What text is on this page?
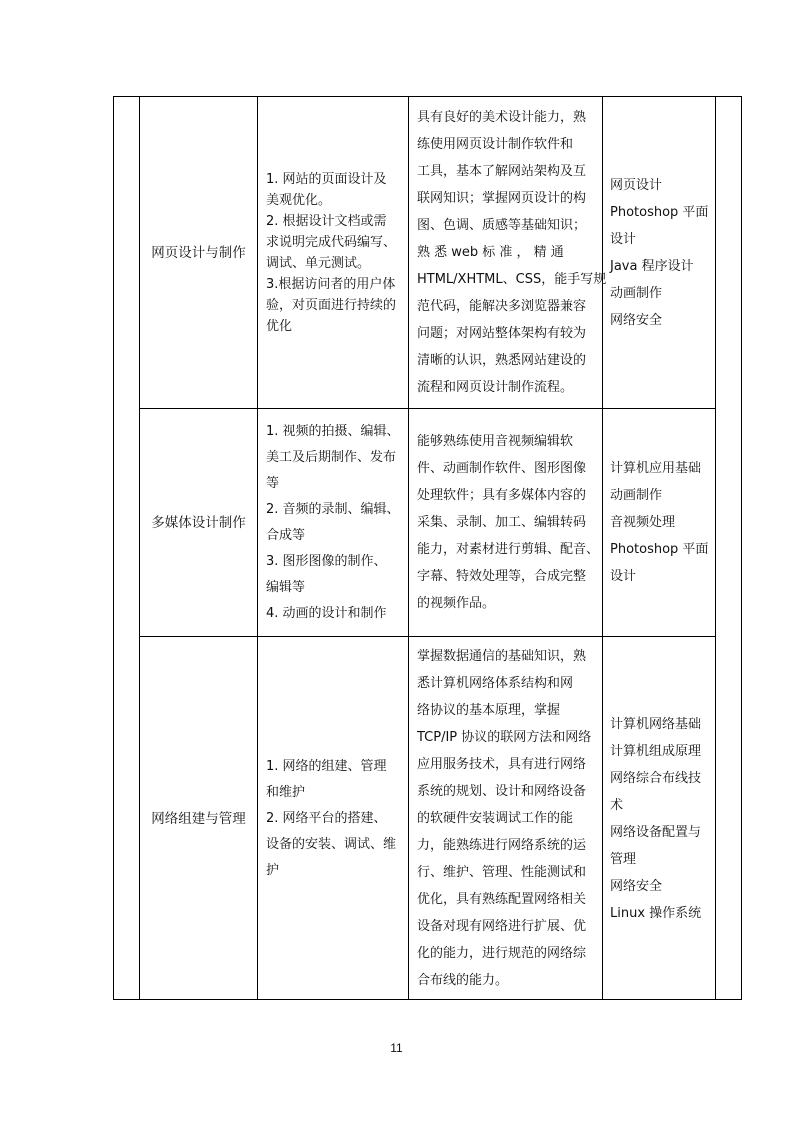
网页设计与制作
1. 网站的页面设计及
美观优化。
2. 根据设计文档或需
求说明完成代码编写、
调试、单元测试。
3.根据访问者的用户体
验，对页面进行持续的
优化
具有良好的美术设计能力，熟
练使用网页设计制作软件和
工具，基本了解网站架构及互
联网知识；掌握网页设计的构
图、色调、质感等基础知识；
熟 悉 web 标 准 ， 精 通
HTML/XHTML、CSS，能手写规
范代码，能解决多浏览器兼容
问题；对网站整体架构有较为
清晰的认识，熟悉网站建设的
流程和网页设计制作流程。
网页设计
Photoshop 平面
设计
Java 程序设计
动画制作
网络安全
多媒体设计制作
1. 视频的拍摄、编辑、
美工及后期制作、发布
等
2. 音频的录制、编辑、
合成等
3. 图形图像的制作、
编辑等
4. 动画的设计和制作
能够熟练使用音视频编辑软
件、动画制作软件、图形图像
处理软件；具有多媒体内容的
采集、录制、加工、编辑转码
能力，对素材进行剪辑、配音、
字幕、特效处理等，合成完整
的视频作品。
计算机应用基础
动画制作
音视频处理
Photoshop 平面
设计
网络组建与管理
1. 网络的组建、管理
和维护
2. 网络平台的搭建、
设备的安装、调试、维
护
掌握数据通信的基础知识，熟
悉计算机网络体系结构和网
络协议的基本原理，掌握
TCP/IP 协议的联网方法和网络
应用服务技术，具有进行网络
系统的规划、设计和网络设备
的软硬件安装调试工作的能
力，能熟练进行网络系统的运
行、维护、管理、性能测试和
优化，具有熟练配置网络相关
设备对现有网络进行扩展、优
化的能力，进行规范的网络综
合布线的能力。
计算机网络基础
计算机组成原理
网络综合布线技
术
网络设备配置与
管理
网络安全
Linux 操作系统
11
